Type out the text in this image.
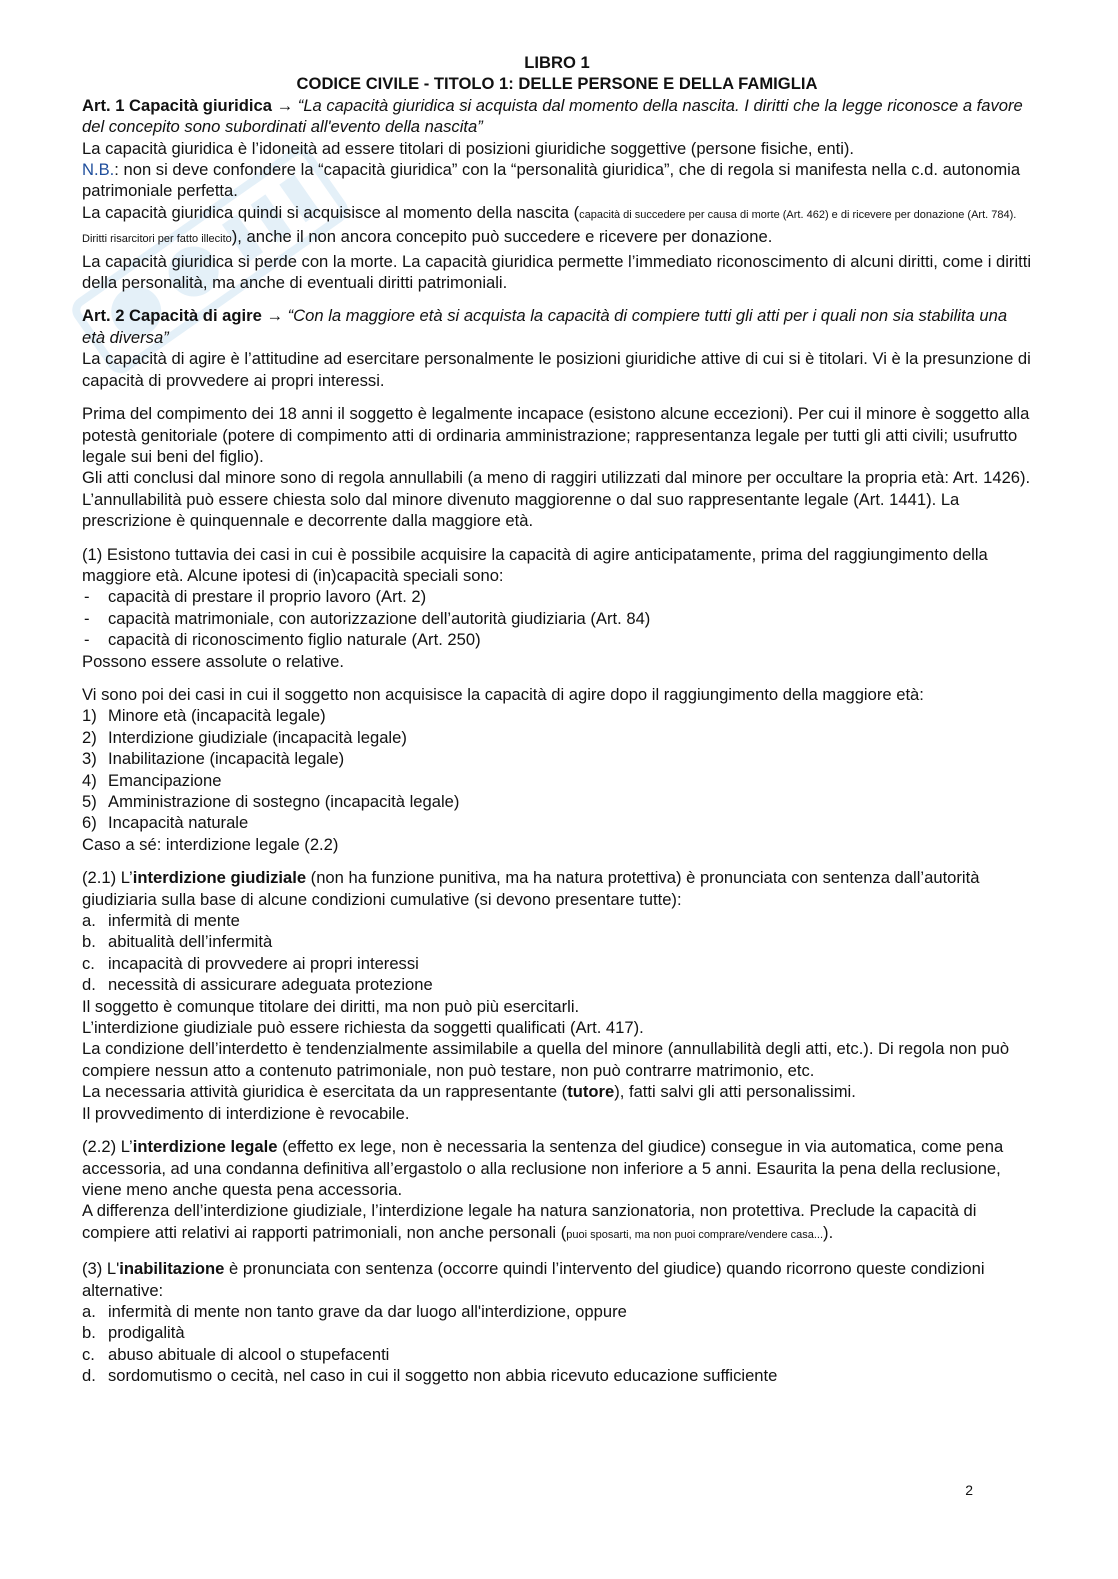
LIBRO 1

CODICE CIVILE - TITOLO 1: DELLE PERSONE E DELLA FAMIGLIA

Art. 1 Capacità giuridica → “La capacità giuridica si acquista dal momento della nascita. I diritti che la legge riconosce a favore del concepito sono subordinati all'evento della nascita”

La capacità giuridica è l’idoneità ad essere titolari di posizioni giuridiche soggettive (persone fisiche, enti).

N.B.: non si deve confondere la “capacità giuridica” con la “personalità giuridica”, che di regola si manifesta nella c.d. autonomia patrimoniale perfetta.

La capacità giuridica quindi si acquisisce al momento della nascita (capacità di succedere per causa di morte (Art. 462) e di ricevere per donazione (Art. 784). Diritti risarcitori per fatto illecito), anche il non ancora concepito può succedere e ricevere per donazione.

La capacità giuridica si perde con la morte. La capacità giuridica permette l’immediato riconoscimento di alcuni diritti, come i diritti della personalità, ma anche di eventuali diritti patrimoniali.

Art. 2 Capacità di agire → “Con la maggiore età si acquista la capacità di compiere tutti gli atti per i quali non sia stabilita una età diversa”

La capacità di agire è l’attitudine ad esercitare personalmente le posizioni giuridiche attive di cui si è titolari. Vi è la presunzione di capacità di provvedere ai propri interessi.

Prima del compimento dei 18 anni il soggetto è legalmente incapace (esistono alcune eccezioni). Per cui il minore è soggetto alla potestà genitoriale (potere di compimento atti di ordinaria amministrazione; rappresentanza legale per tutti gli atti civili; usufrutto legale sui beni del figlio).

Gli atti conclusi dal minore sono di regola annullabili (a meno di raggiri utilizzati dal minore per occultare la propria età: Art. 1426). L’annullabilità può essere chiesta solo dal minore divenuto maggiorenne o dal suo rappresentante legale (Art. 1441). La prescrizione è quinquennale e decorrente dalla maggiore età.

(1) Esistono tuttavia dei casi in cui è possibile acquisire la capacità di agire anticipatamente, prima del raggiungimento della maggiore età. Alcune ipotesi di (in)capacità speciali sono:

- capacità di prestare il proprio lavoro (Art. 2)
- capacità matrimoniale, con autorizzazione dell’autorità giudiziaria (Art. 84)
- capacità di riconoscimento figlio naturale (Art. 250)

Possono essere assolute o relative.

Vi sono poi dei casi in cui il soggetto non acquisisce la capacità di agire dopo il raggiungimento della maggiore età:

1) Minore età (incapacità legale)
2) Interdizione giudiziale (incapacità legale)
3) Inabilitazione (incapacità legale)
4) Emancipazione
5) Amministrazione di sostegno (incapacità legale)
6) Incapacità naturale

Caso a sé: interdizione legale (2.2)

(2.1) L’interdizione giudiziale (non ha funzione punitiva, ma ha natura protettiva) è pronunciata con sentenza dall’autorità giudiziaria sulla base di alcune condizioni cumulative (si devono presentare tutte):

a. infermità di mente
b. abitualità dell’infermità
c. incapacità di provvedere ai propri interessi
d. necessità di assicurare adeguata protezione

Il soggetto è comunque titolare dei diritti, ma non può più esercitarli.

L’interdizione giudiziale può essere richiesta da soggetti qualificati (Art. 417).

La condizione dell’interdetto è tendenzialmente assimilabile a quella del minore (annullabilità degli atti, etc.). Di regola non può compiere nessun atto a contenuto patrimoniale, non può testare, non può contrarre matrimonio, etc.

La necessaria attività giuridica è esercitata da un rappresentante (tutore), fatti salvi gli atti personalissimi.

Il provvedimento di interdizione è revocabile.

(2.2) L’interdizione legale (effetto ex lege, non è necessaria la sentenza del giudice) consegue in via automatica, come pena accessoria, ad una condanna definitiva all’ergastolo o alla reclusione non inferiore a 5 anni. Esaurita la pena della reclusione, viene meno anche questa pena accessoria.

A differenza dell’interdizione giudiziale, l’interdizione legale ha natura sanzionatoria, non protettiva. Preclude la capacità di compiere atti relativi ai rapporti patrimoniali, non anche personali (puoi sposarti, ma non puoi comprare/vendere casa...).

(3) L'inabilitazione è pronunciata con sentenza (occorre quindi l’intervento del giudice) quando ricorrono queste condizioni alternative:

a. infermità di mente non tanto grave da dar luogo all'interdizione, oppure
b. prodigalità
c. abuso abituale di alcool o stupefacenti
d. sordomutismo o cecità, nel caso in cui il soggetto non abbia ricevuto educazione sufficiente
2
